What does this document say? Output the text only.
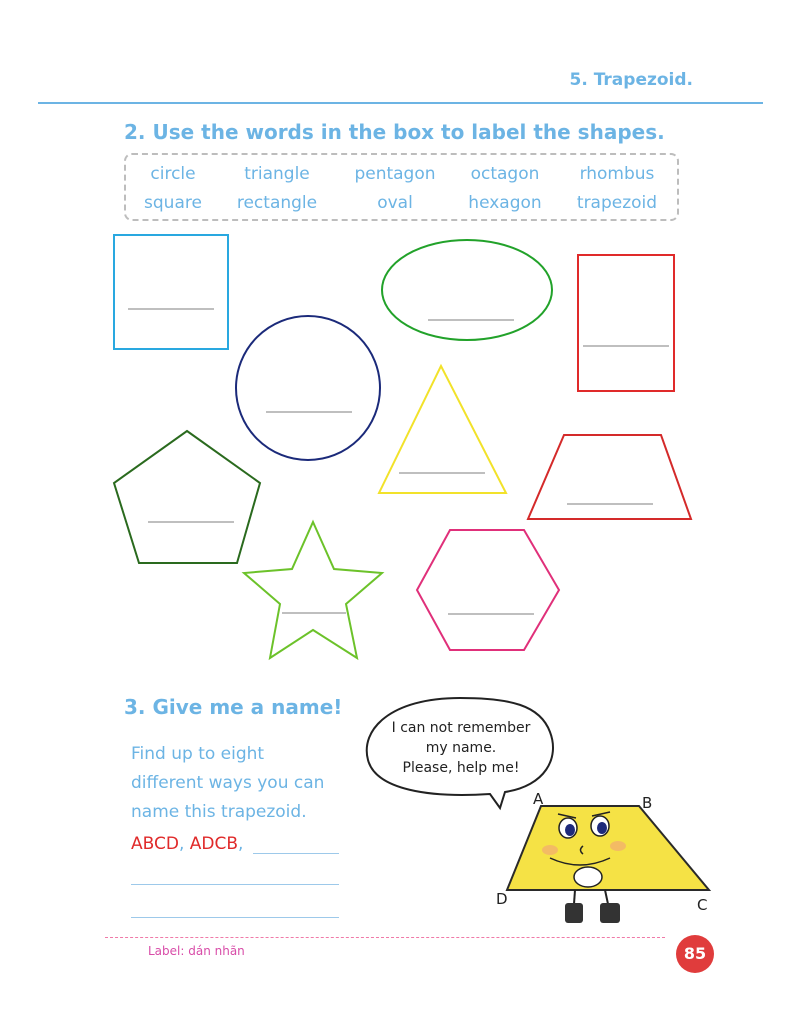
5. Trapezoid.
2. Use the words in the box to label the shapes.
circle	triangle	pentagon	octagon	rhombus
square	rectangle	oval	hexagon	trapezoid
3. Give me a name!
Find up to eight
different ways you can
name this trapezoid.
ABCD, ADCB,
I can not remember
my name.
Please, help me!
A	B
C
D
Label: dán nhãn	85
